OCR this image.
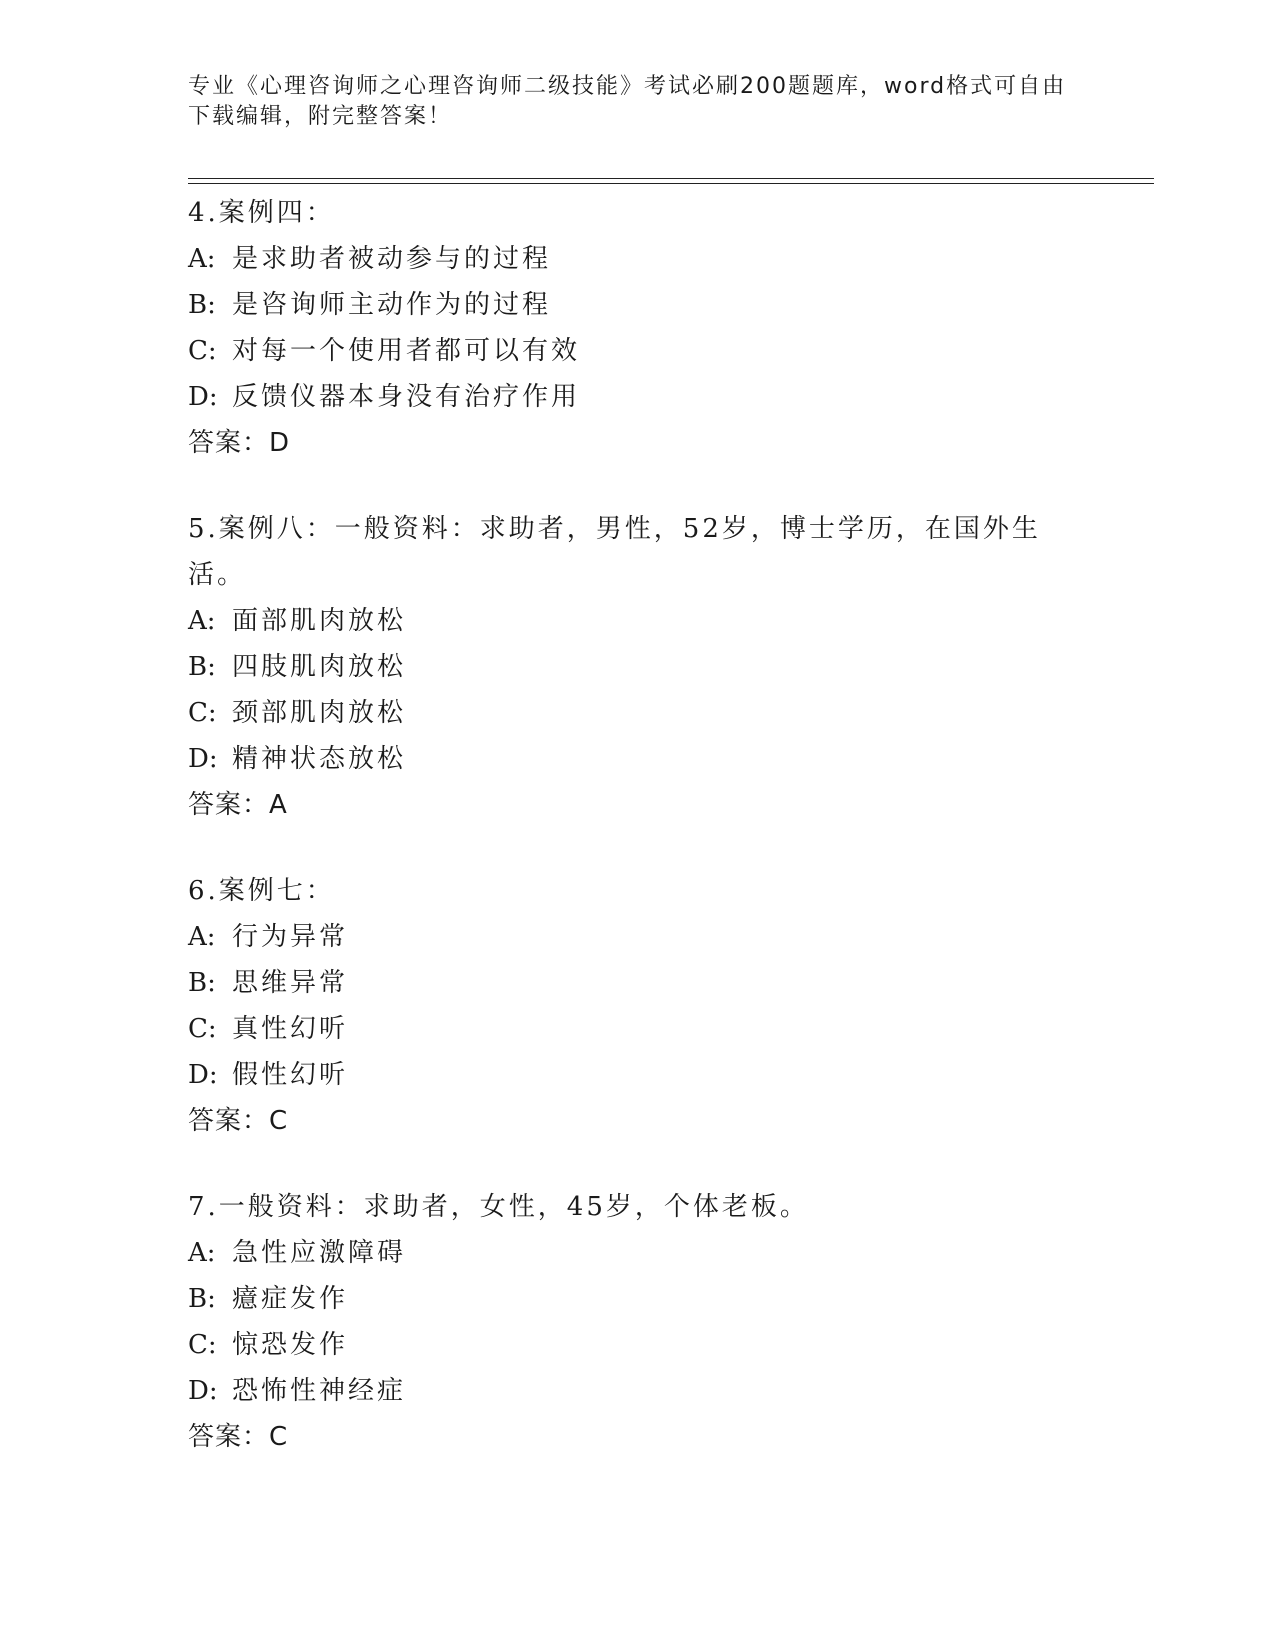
专业《心理咨询师之心理咨询师二级技能》考试必刷200题题库，word格式可自由下载编辑，附完整答案！
4.案例四：
A: 是求助者被动参与的过程
B: 是咨询师主动作为的过程
C: 对每一个使用者都可以有效
D: 反馈仪器本身没有治疗作用
答案：D
5.案例八：一般资料：求助者，男性，52岁，博士学历，在国外生活。
A: 面部肌肉放松
B: 四肢肌肉放松
C: 颈部肌肉放松
D: 精神状态放松
答案：A
6.案例七：
A: 行为异常
B: 思维异常
C: 真性幻听
D: 假性幻听
答案：C
7.一般资料：求助者，女性，45岁，个体老板。
A: 急性应激障碍
B: 癔症发作
C: 惊恐发作
D: 恐怖性神经症
答案：C
